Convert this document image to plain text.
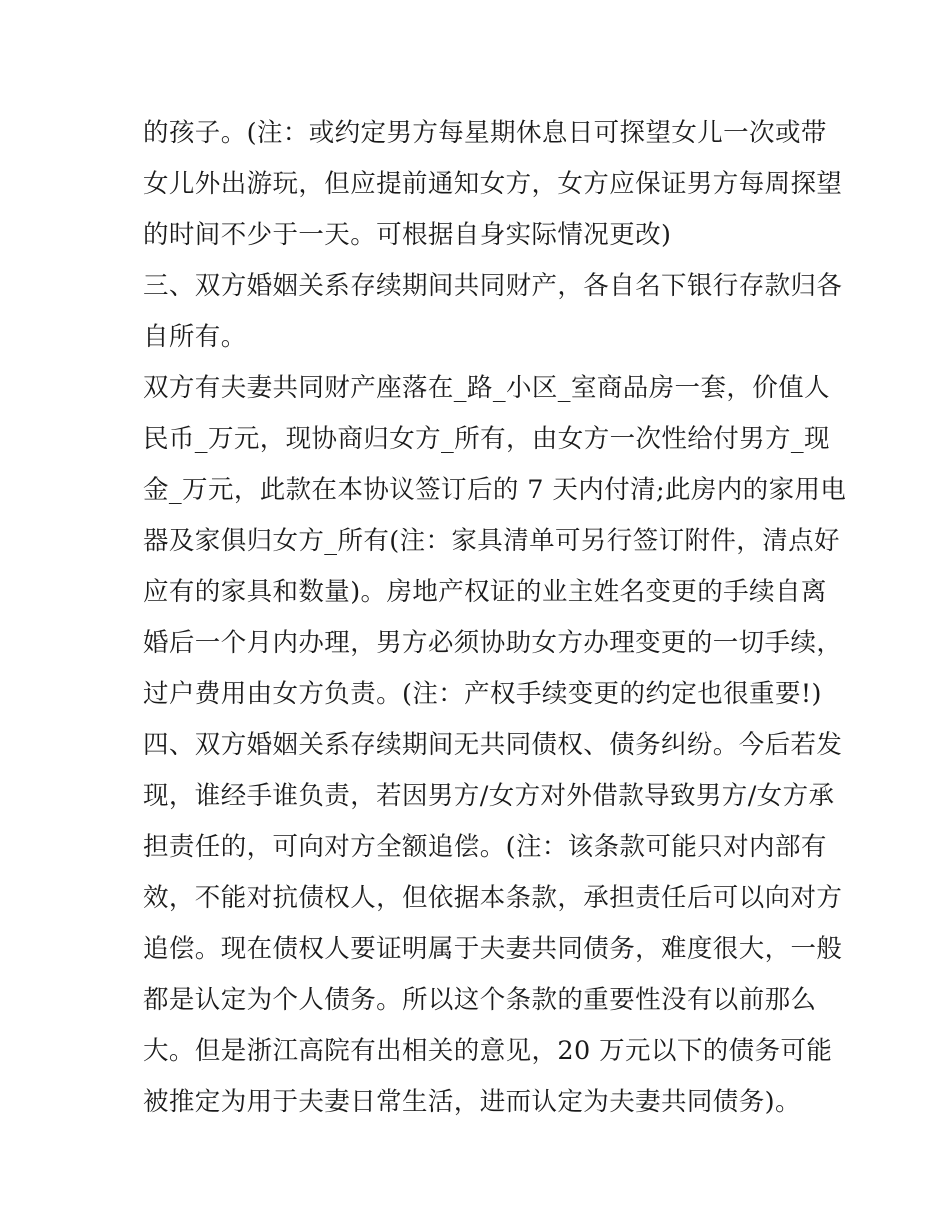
的孩子。(注：或约定男方每星期休息日可探望女儿一次或带
女儿外出游玩，但应提前通知女方，女方应保证男方每周探望
的时间不少于一天。可根据自身实际情况更改)
三、双方婚姻关系存续期间共同财产，各自名下银行存款归各
自所有。
双方有夫妻共同财产座落在_路_小区_室商品房一套，价值人
民币_万元，现协商归女方_所有，由女方一次性给付男方_现
金_万元，此款在本协议签订后的 7 天内付清;此房内的家用电
器及家俱归女方_所有(注：家具清单可另行签订附件，清点好
应有的家具和数量)。房地产权证的业主姓名变更的手续自离
婚后一个月内办理，男方必须协助女方办理变更的一切手续，
过户费用由女方负责。(注：产权手续变更的约定也很重要!)
四、双方婚姻关系存续期间无共同债权、债务纠纷。今后若发
现，谁经手谁负责，若因男方/女方对外借款导致男方/女方承
担责任的，可向对方全额追偿。(注：该条款可能只对内部有
效，不能对抗债权人，但依据本条款，承担责任后可以向对方
追偿。现在债权人要证明属于夫妻共同债务，难度很大，一般
都是认定为个人债务。所以这个条款的重要性没有以前那么
大。但是浙江高院有出相关的意见，20 万元以下的债务可能
被推定为用于夫妻日常生活，进而认定为夫妻共同债务)。
